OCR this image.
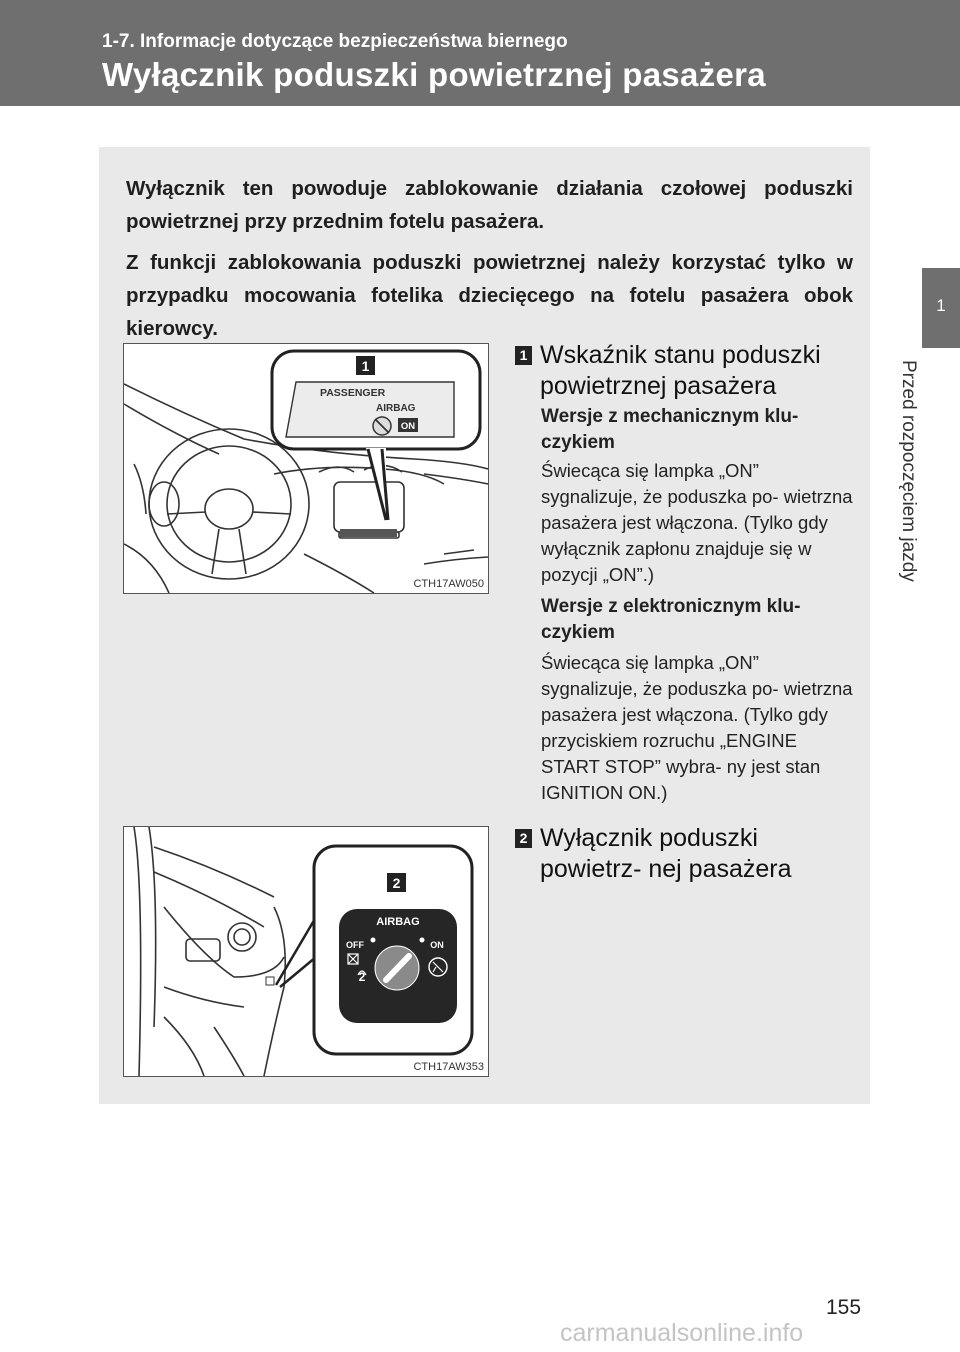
1-7. Informacje dotyczące bezpieczeństwa biernego
Wyłącznik poduszki powietrznej pasażera
1
Przed rozpoczęciem jazdy

Wyłącznik ten powoduje zablokowanie działania czołowej poduszki powietrznej przy przednim fotelu pasażera.

Z funkcji zablokowania poduszki powietrznej należy korzystać tylko w przypadku mocowania fotelika dziecięcego na fotelu pasażera obok kierowcy.

1
PASSENGER
AIRBAG
ON
CTH17AW050
1 Wskaźnik stanu poduszki powietrznej pasażera
Wersje z mechanicznym klu- czykiem
Świecąca się lampka „ON” sygnalizuje, że poduszka po- wietrzna pasażera jest włączona. (Tylko gdy wyłącznik zapłonu znajduje się w pozycji „ON”.)
Wersje z elektronicznym klu- czykiem
Świecąca się lampka „ON” sygnalizuje, że poduszka po- wietrzna pasażera jest włączona. (Tylko gdy przyciskiem rozruchu „ENGINE START STOP” wybra- ny jest stan IGNITION ON.)
2
AIRBAG
OFF	ON
2
CTH17AW353
2 Wyłącznik poduszki powietrz- nej pasażera
155
carmanualsonline.info
